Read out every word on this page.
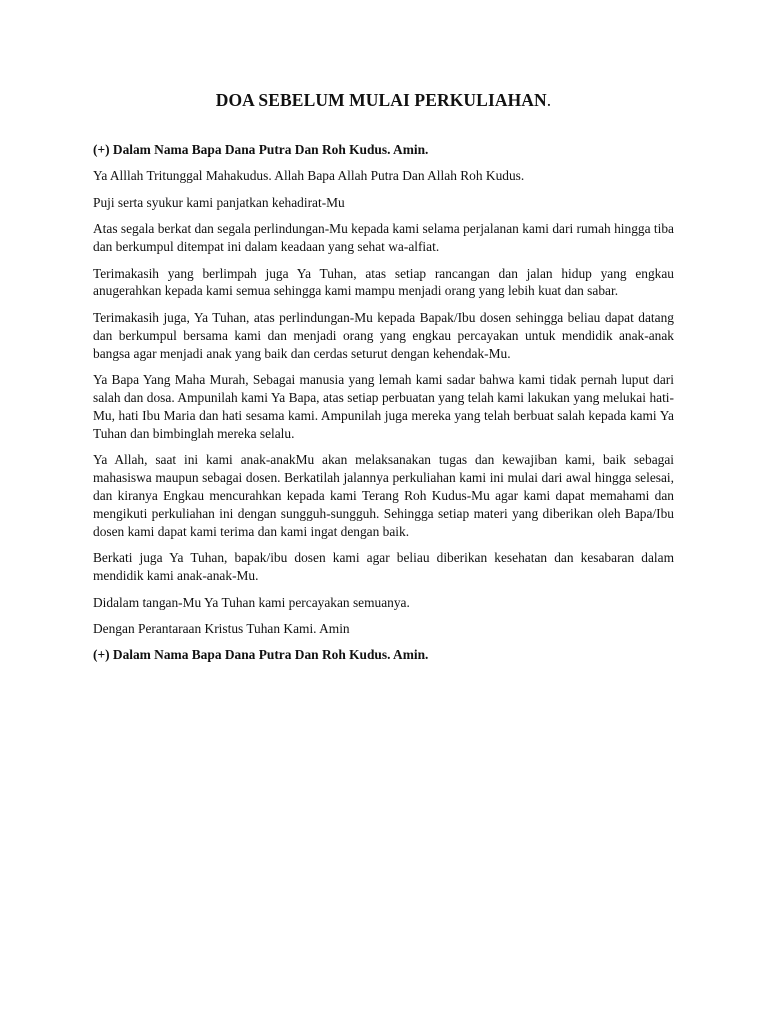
DOA SEBELUM MULAI PERKULIAHAN.

(+) Dalam Nama Bapa Dana Putra Dan Roh Kudus. Amin.

Ya Alllah Tritunggal Mahakudus. Allah Bapa Allah Putra Dan Allah Roh Kudus.

Puji serta syukur kami panjatkan kehadirat-Mu

Atas segala berkat dan segala perlindungan-Mu kepada kami selama perjalanan kami dari rumah hingga tiba dan berkumpul ditempat ini dalam keadaan yang sehat wa-alfiat.

Terimakasih yang berlimpah juga Ya Tuhan, atas setiap rancangan dan jalan hidup yang engkau anugerahkan kepada kami semua sehingga kami mampu menjadi orang yang lebih kuat dan sabar.

Terimakasih juga, Ya Tuhan, atas perlindungan-Mu kepada Bapak/Ibu dosen sehingga beliau dapat datang dan berkumpul bersama kami dan menjadi orang yang engkau percayakan untuk mendidik anak-anak bangsa agar menjadi anak yang baik dan cerdas seturut dengan kehendak-Mu.

Ya Bapa Yang Maha Murah, Sebagai manusia yang lemah kami sadar bahwa kami tidak pernah luput dari salah dan dosa. Ampunilah kami Ya Bapa, atas setiap perbuatan yang telah kami lakukan yang melukai hati-Mu, hati Ibu Maria dan hati sesama kami. Ampunilah juga mereka yang telah berbuat salah kepada kami Ya Tuhan dan bimbinglah mereka selalu.

Ya Allah, saat ini kami anak-anakMu akan melaksanakan tugas dan kewajiban kami, baik sebagai mahasiswa maupun sebagai dosen. Berkatilah jalannya perkuliahan kami ini mulai dari awal hingga selesai, dan kiranya Engkau mencurahkan kepada kami Terang Roh Kudus-Mu agar kami dapat memahami dan mengikuti perkuliahan ini dengan sungguh-sungguh. Sehingga setiap materi yang diberikan oleh Bapa/Ibu dosen kami dapat kami terima dan kami ingat dengan baik.

Berkati juga Ya Tuhan, bapak/ibu dosen kami agar beliau diberikan kesehatan dan kesabaran dalam mendidik kami anak-anak-Mu.

Didalam tangan-Mu Ya Tuhan kami percayakan semuanya.

Dengan Perantaraan Kristus Tuhan Kami. Amin

(+) Dalam Nama Bapa Dana Putra Dan Roh Kudus. Amin.
